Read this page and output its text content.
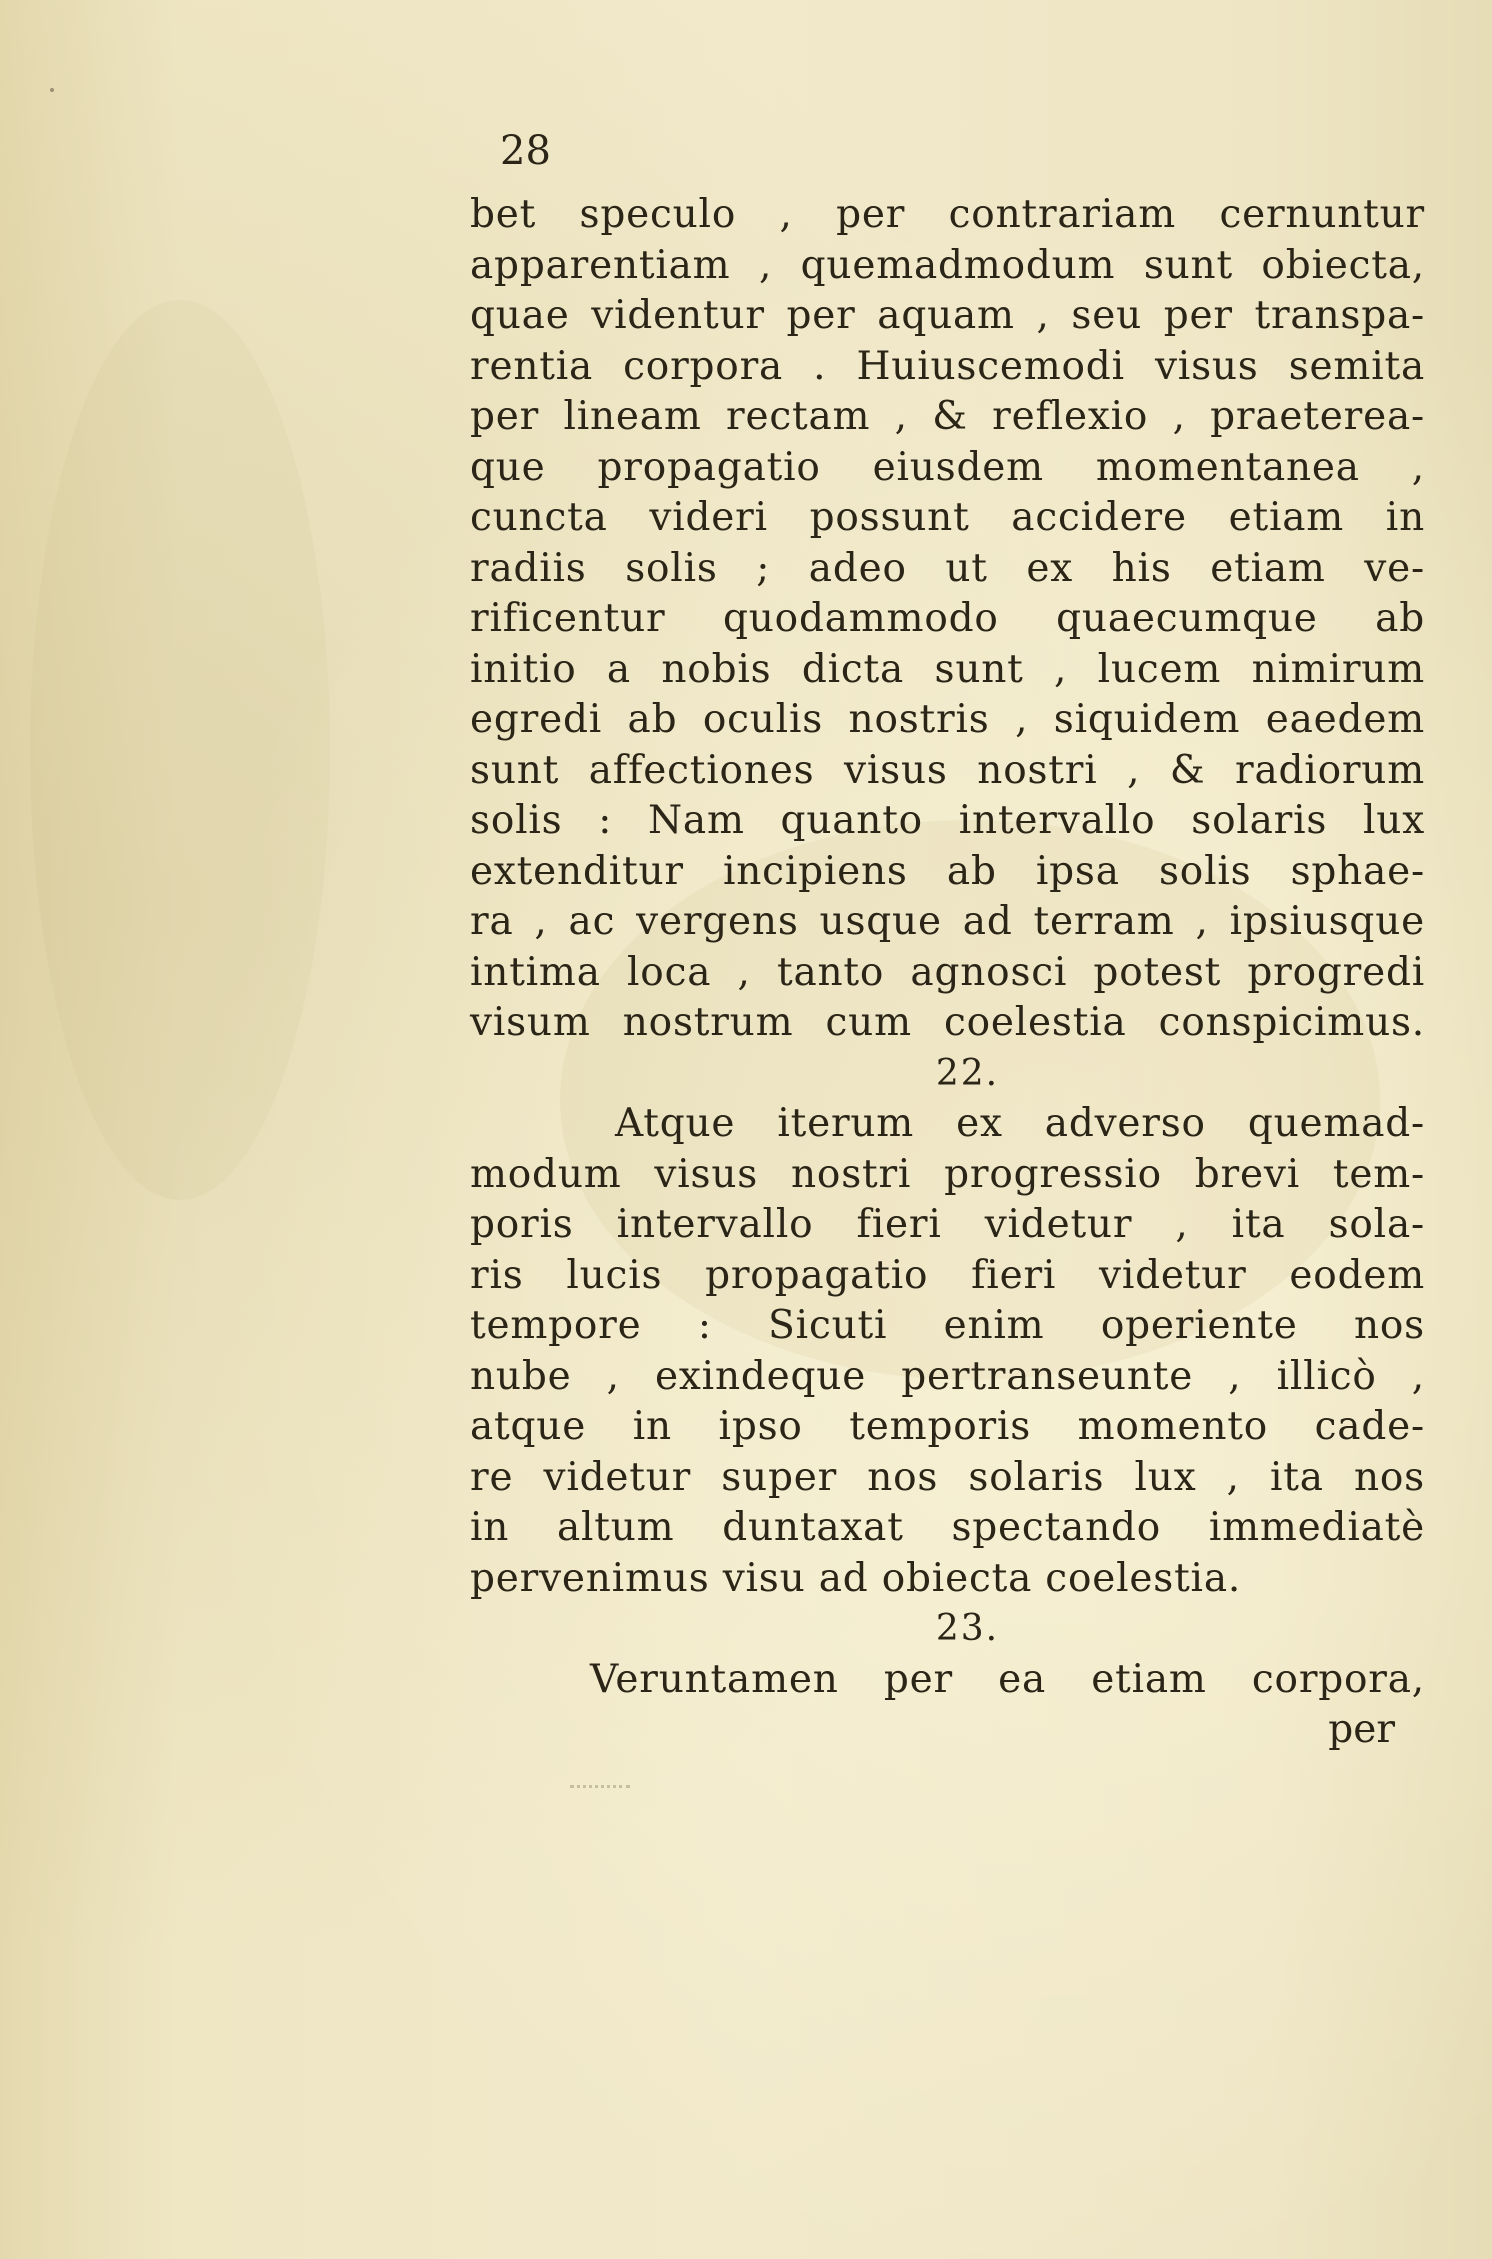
28
bet speculo , per contrariam cernuntur
apparentiam , quemadmodum sunt obiecta,
quae videntur per aquam , seu per transpa-
rentia corpora . Huiuscemodi visus semita
per lineam rectam , & reflexio , praeterea-
que propagatio eiusdem momentanea ,
cuncta videri possunt accidere etiam in
radiis solis ; adeo ut ex his etiam ve-
rificentur quodammodo quaecumque ab
initio a nobis dicta sunt , lucem nimirum
egredi ab oculis nostris , siquidem eaedem
sunt affectiones visus nostri , & radiorum
solis : Nam quanto intervallo solaris lux
extenditur incipiens ab ipsa solis sphae-
ra , ac vergens usque ad terram , ipsiusque
intima loca , tanto agnosci potest progredi
visum nostrum cum coelestia conspicimus.
22.
Atque iterum ex adverso quemad-
modum visus nostri progressio brevi tem-
poris intervallo fieri videtur , ita sola-
ris lucis propagatio fieri videtur eodem
tempore : Sicuti enim operiente nos
nube , exindeque pertranseunte , illicò ,
atque in ipso temporis momento cade-
re videtur super nos solaris lux , ita nos
in altum duntaxat spectando immediatè
pervenimus visu ad obiecta coelestia.
23.
Veruntamen per ea etiam corpora,
per
